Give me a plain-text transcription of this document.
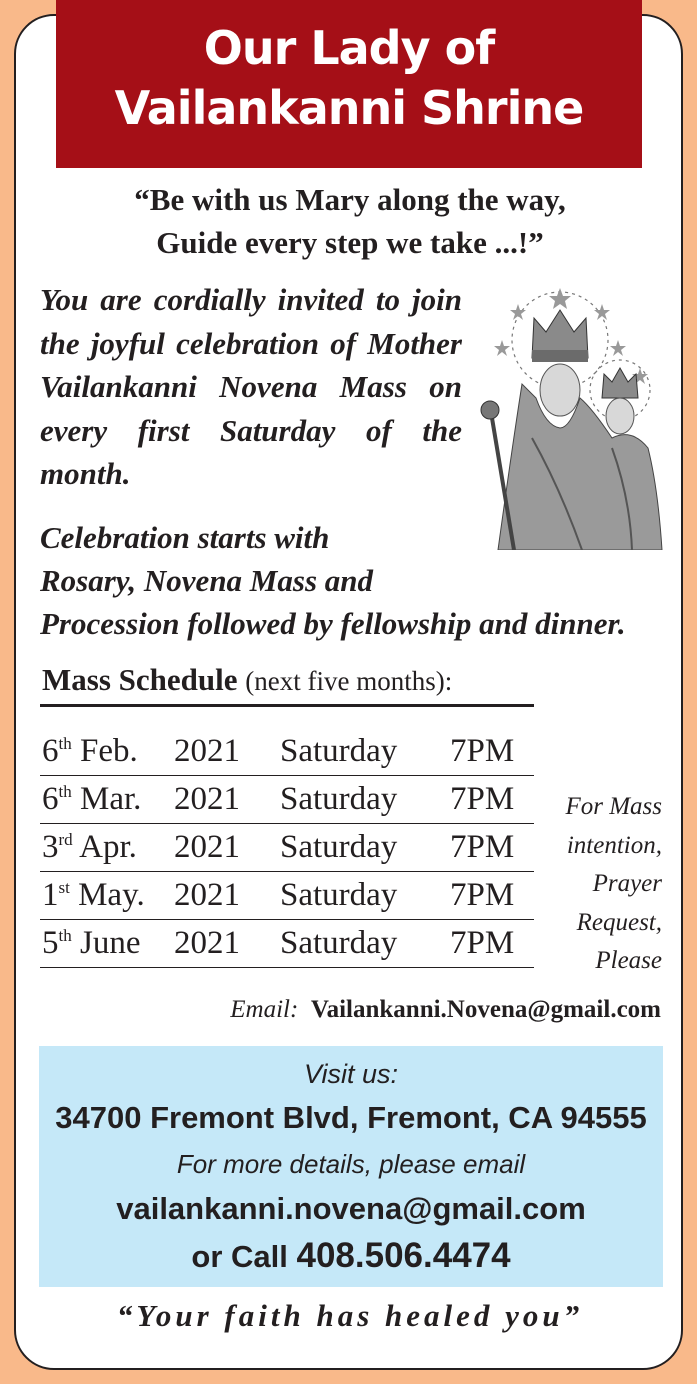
Our Lady of
Vailankanni Shrine
“Be with us Mary along the way,
Guide every step we take ...!”
You are cordially invited to join the joyful celebration of Mother Vailankanni Novena Mass on every first Saturday of the month.
Celebration starts with
Rosary, Novena Mass and
Procession followed by fellowship and dinner.
Mass Schedule (next five months):
6th Feb.	2021	Saturday	7PM
6th Mar.	2021	Saturday	7PM
3rd Apr.	2021	Saturday	7PM
1st May.	2021	Saturday	7PM
5th June	2021	Saturday	7PM
For Mass
intention,
Prayer
Request,
Please
Email: Vailankanni.Novena@gmail.com
Visit us:
34700 Fremont Blvd, Fremont, CA 94555
For more details, please email
vailankanni.novena@gmail.com
or Call 408.506.4474
“Your faith has healed you”
